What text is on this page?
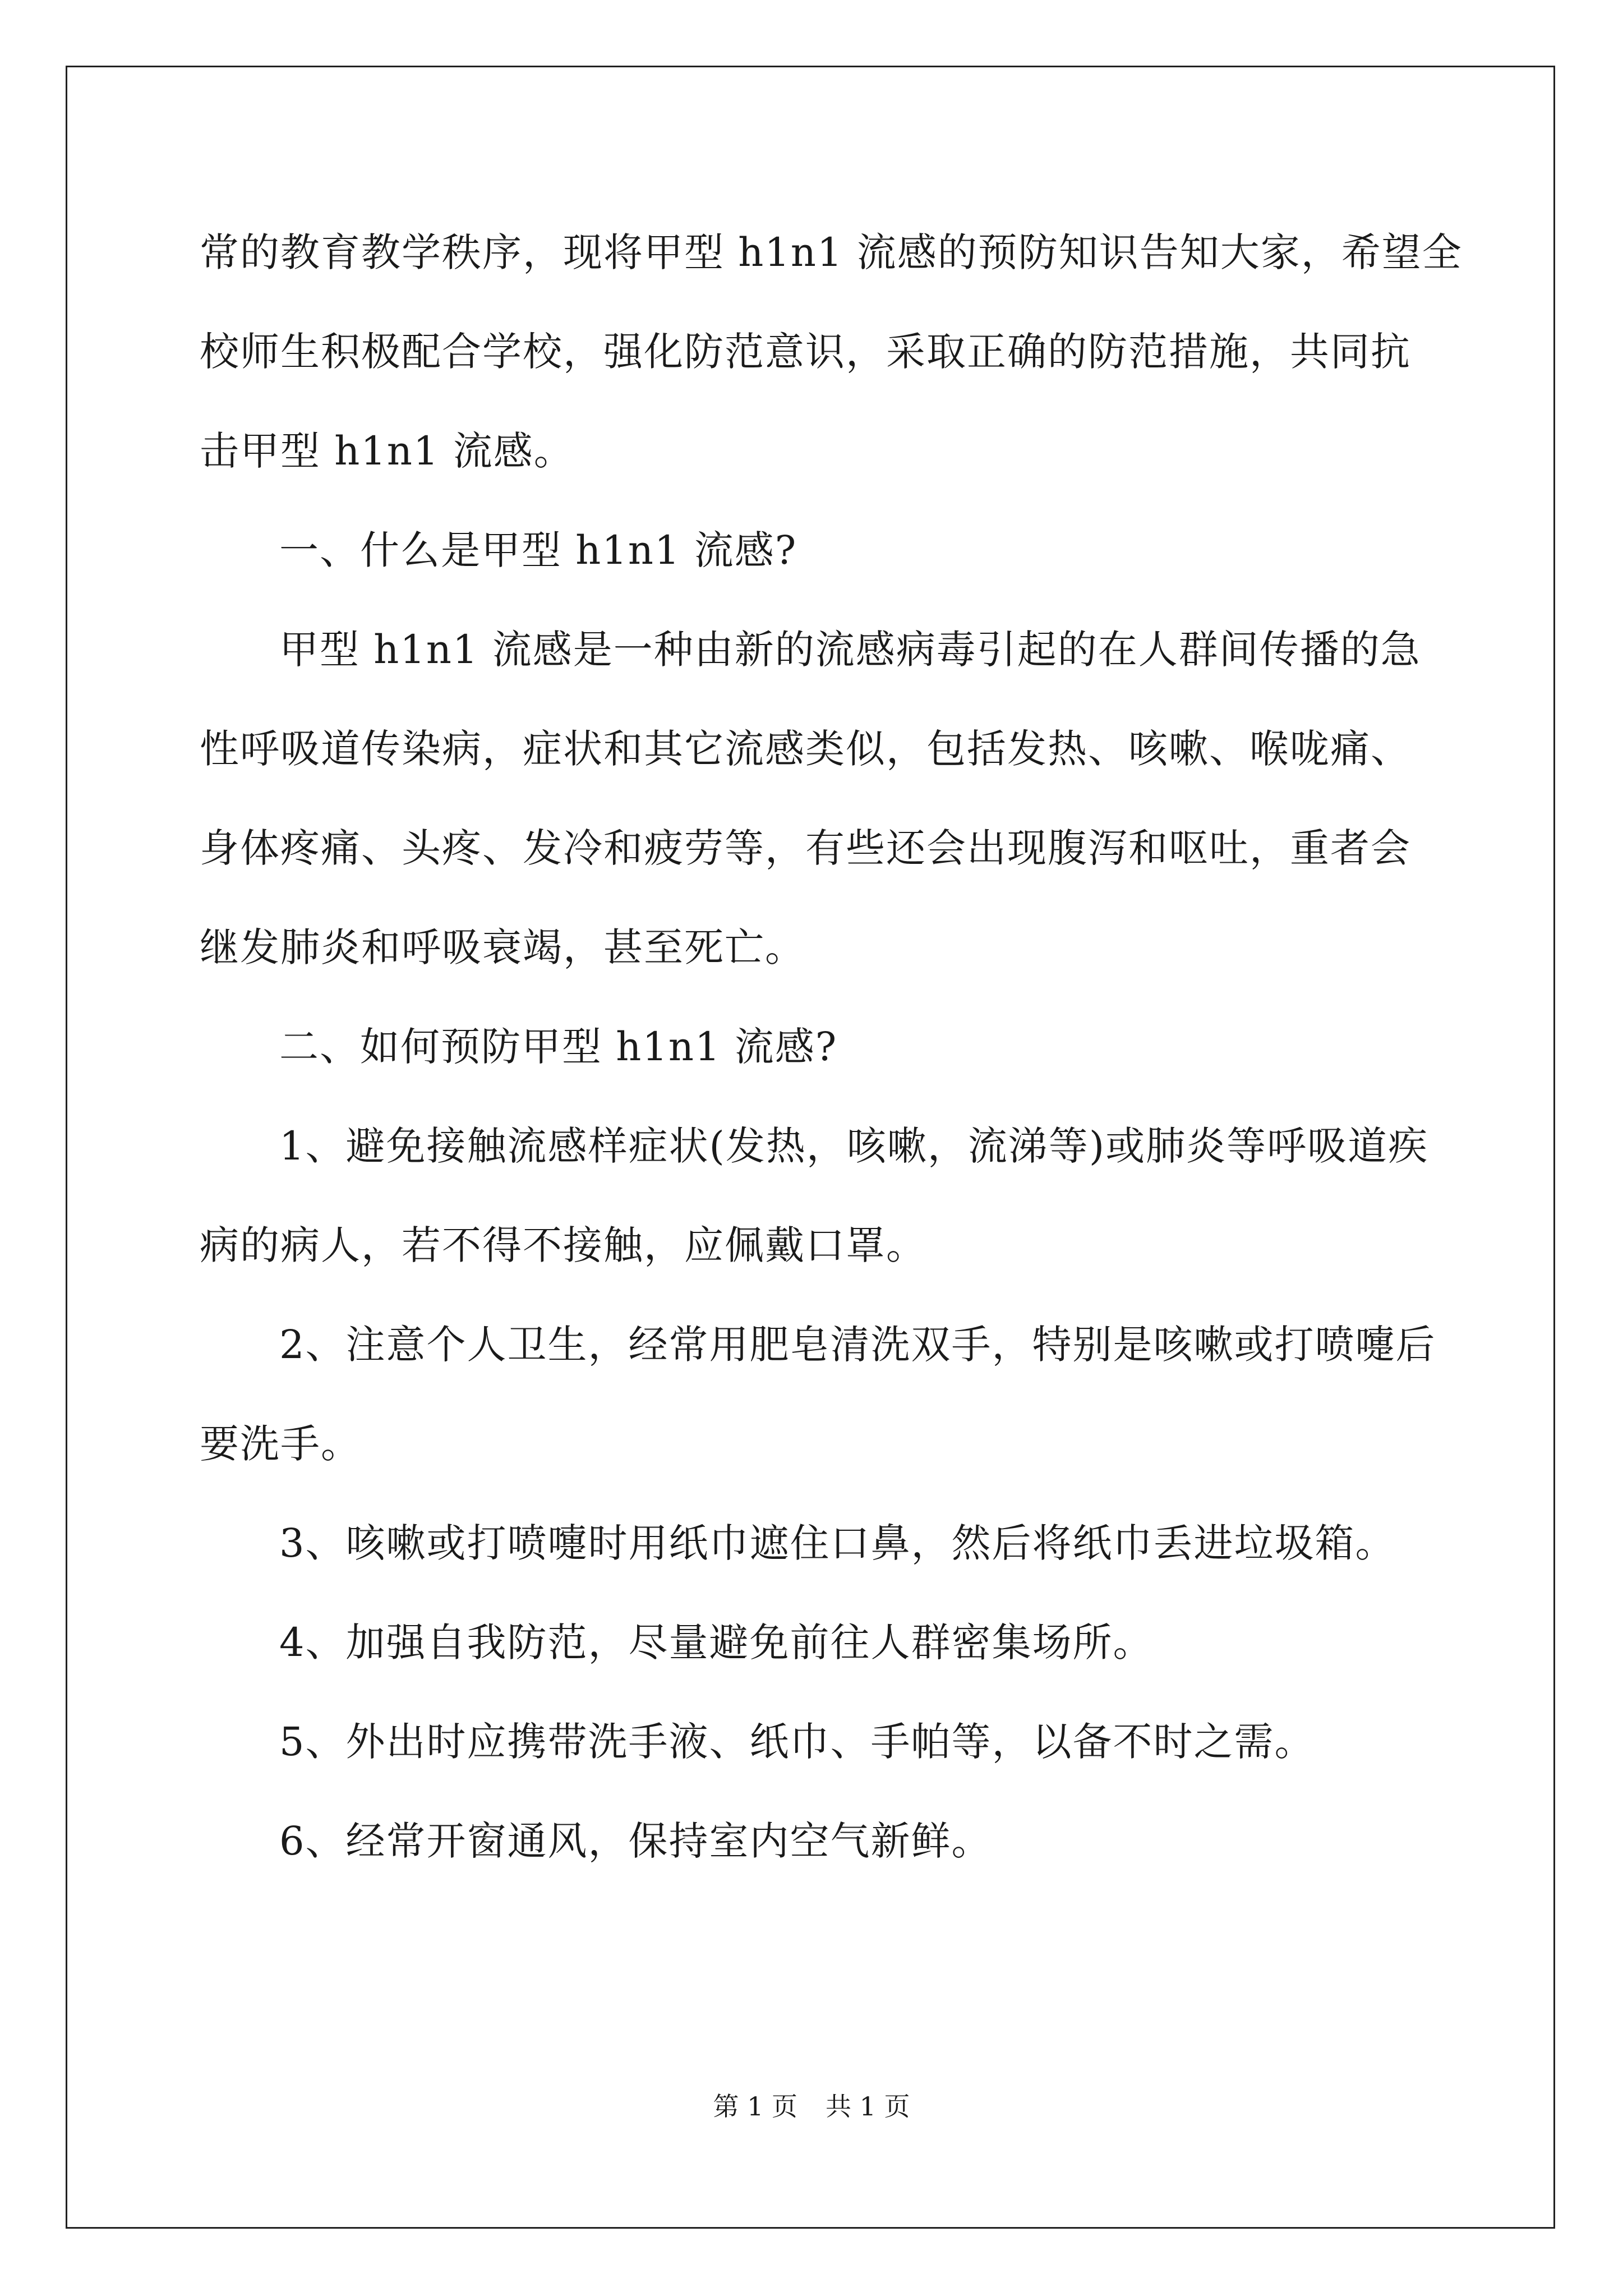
常的教育教学秩序，现将甲型 h1n1 流感的预防知识告知大家，希望全
校师生积极配合学校，强化防范意识，采取正确的防范措施，共同抗
击甲型 h1n1 流感。

一、什么是甲型 h1n1 流感?

甲型 h1n1 流感是一种由新的流感病毒引起的在人群间传播的急
性呼吸道传染病，症状和其它流感类似，包括发热、咳嗽、喉咙痛、
身体疼痛、头疼、发冷和疲劳等，有些还会出现腹泻和呕吐，重者会
继发肺炎和呼吸衰竭，甚至死亡。

二、如何预防甲型 h1n1 流感?

1、避免接触流感样症状(发热，咳嗽，流涕等)或肺炎等呼吸道疾
病的病人，若不得不接触，应佩戴口罩。

2、注意个人卫生，经常用肥皂清洗双手，特别是咳嗽或打喷嚏后
要洗手。

3、咳嗽或打喷嚏时用纸巾遮住口鼻，然后将纸巾丢进垃圾箱。

4、加强自我防范，尽量避免前往人群密集场所。

5、外出时应携带洗手液、纸巾、手帕等，以备不时之需。

6、经常开窗通风，保持室内空气新鲜。

第 1 页 共 1 页
